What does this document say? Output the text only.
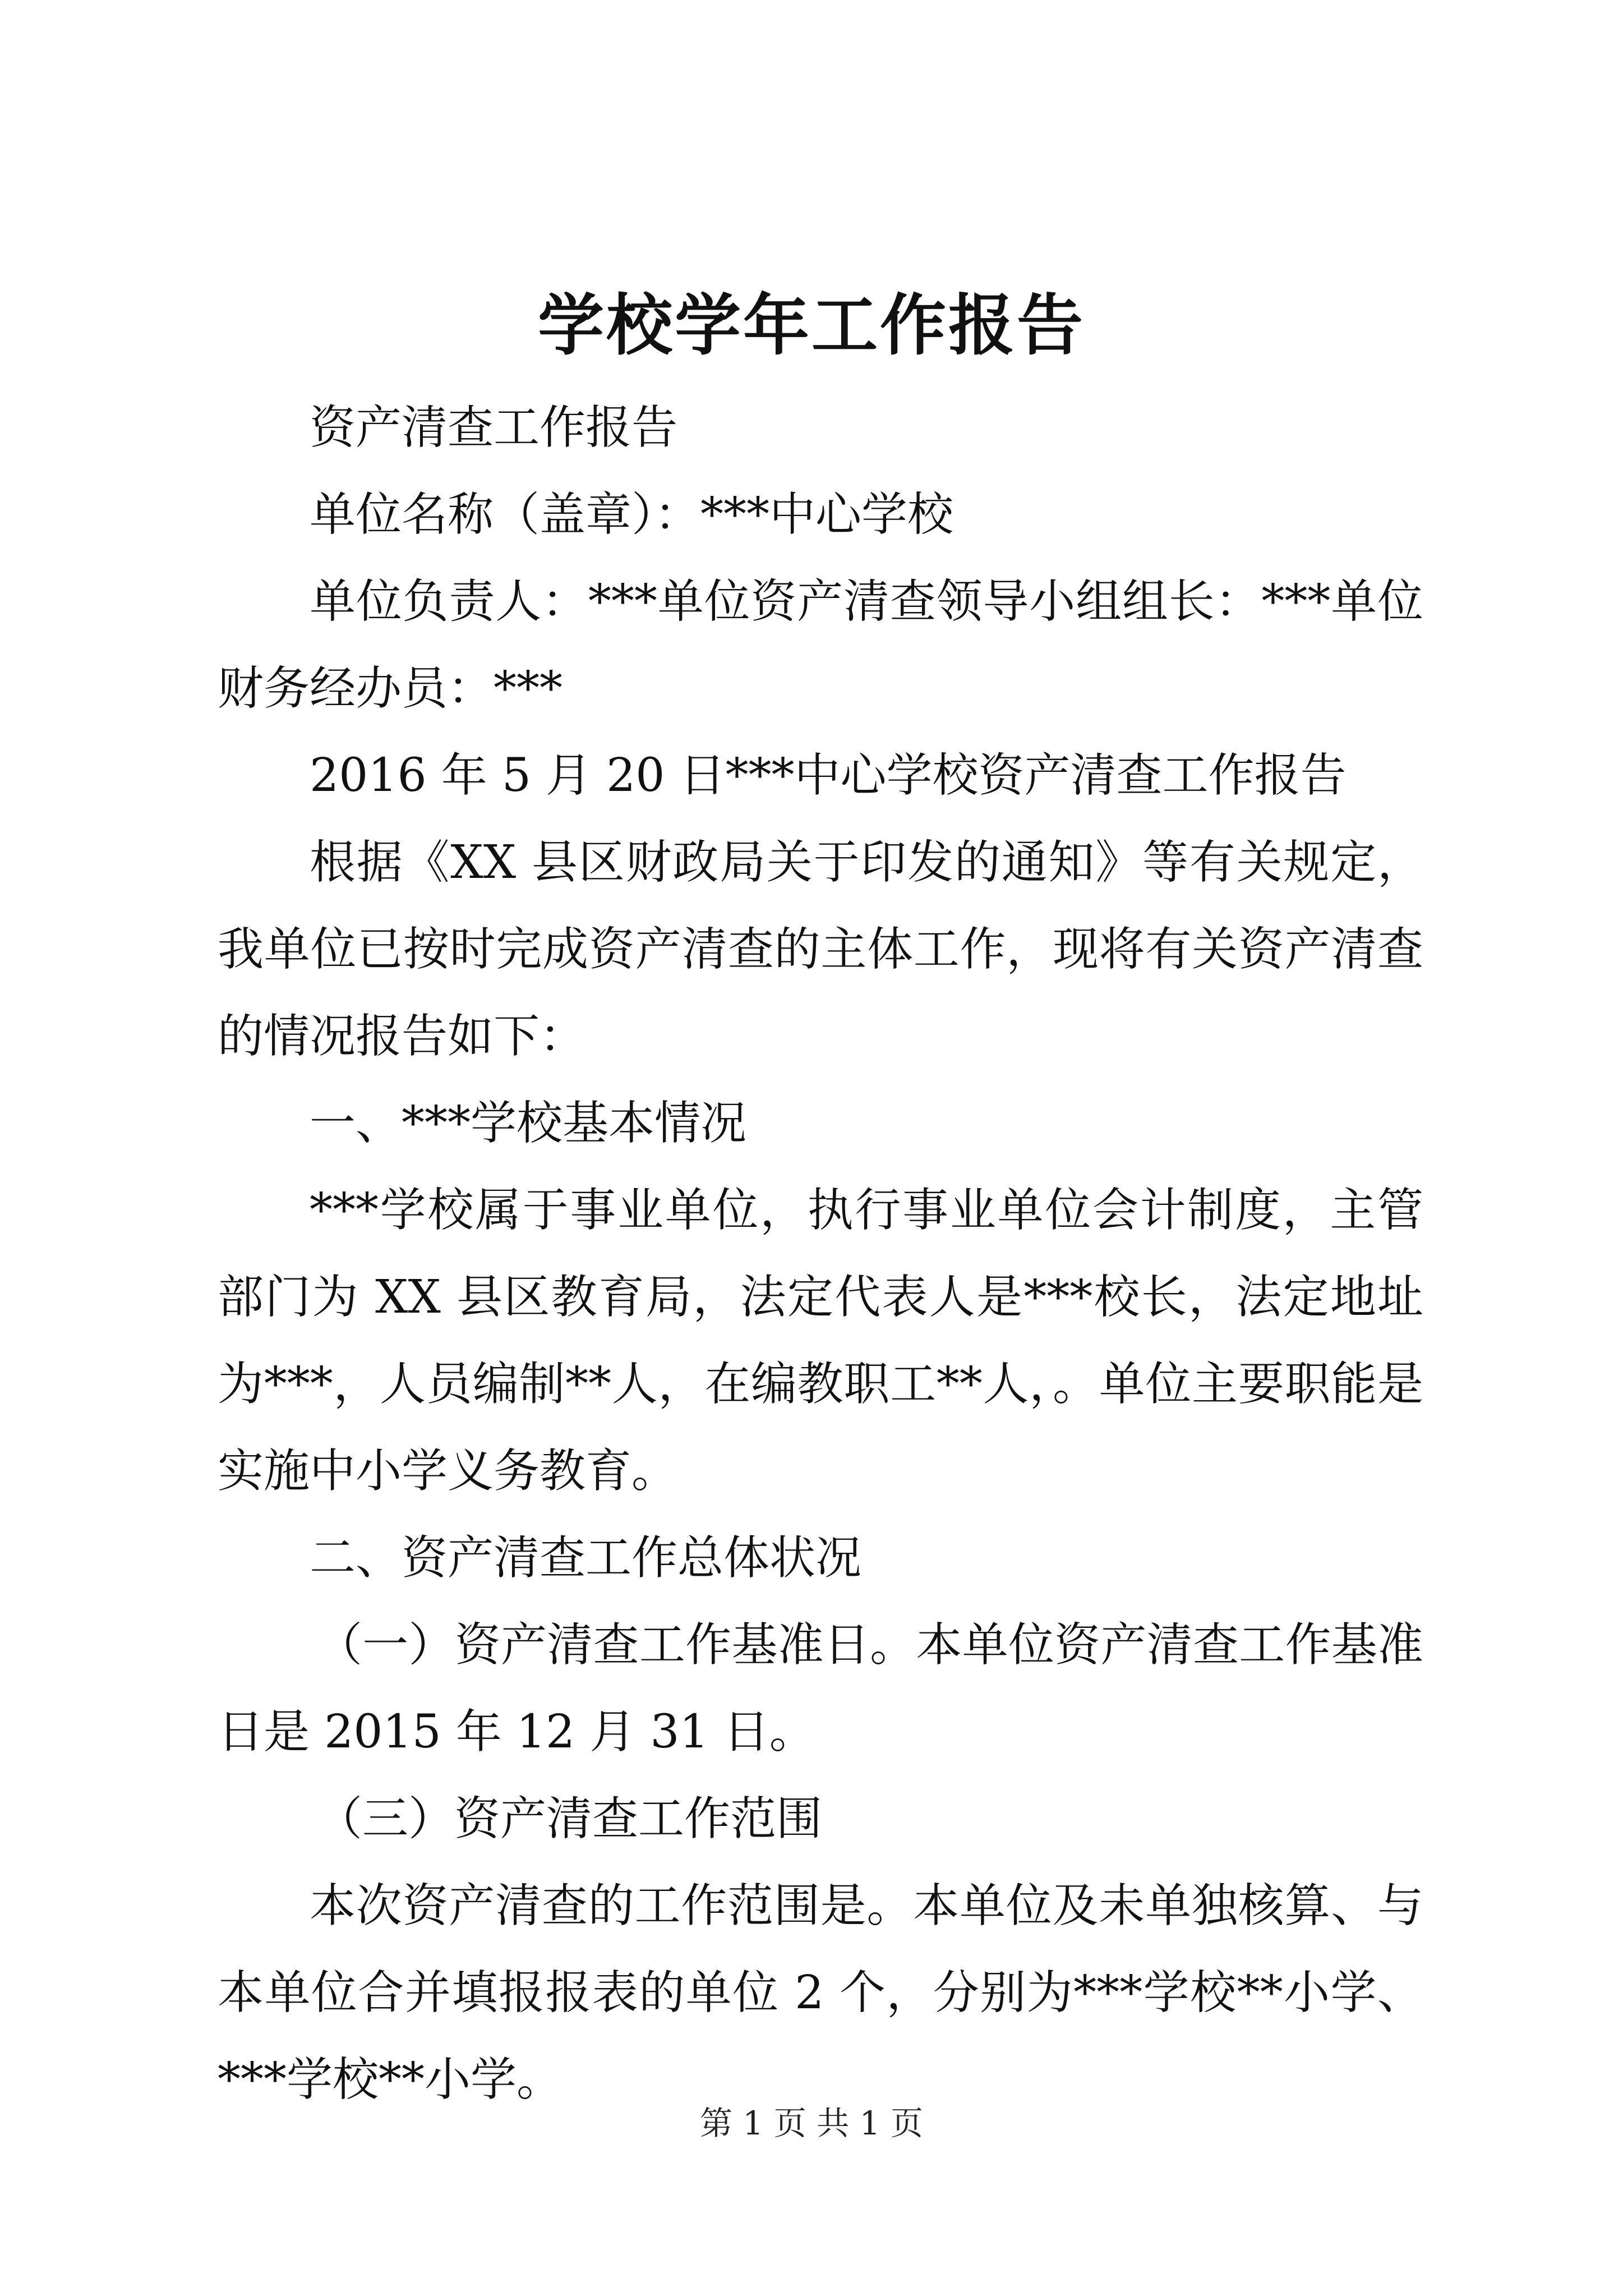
学校学年工作报告

资产清查工作报告

单位名称（盖章）：***中心学校

单位负责人：***单位资产清查领导小组组长：***单位财务经办员：***

2016 年 5 月 20 日***中心学校资产清查工作报告

根据《XX 县区财政局关于印发的通知》等有关规定，我单位已按时完成资产清查的主体工作，现将有关资产清查的情况报告如下：

一、***学校基本情况

***学校属于事业单位，执行事业单位会计制度，主管部门为 XX 县区教育局，法定代表人是***校长，法定地址为***，人员编制**人，在编教职工**人，。单位主要职能是实施中小学义务教育。

二、资产清查工作总体状况

（一）资产清查工作基准日。本单位资产清查工作基准日是 2015 年 12 月 31 日。

（三）资产清查工作范围

本次资产清查的工作范围是。本单位及未单独核算、与本单位合并填报报表的单位 2 个，分别为***学校**小学、***学校**小学。

第 1 页 共 1 页
